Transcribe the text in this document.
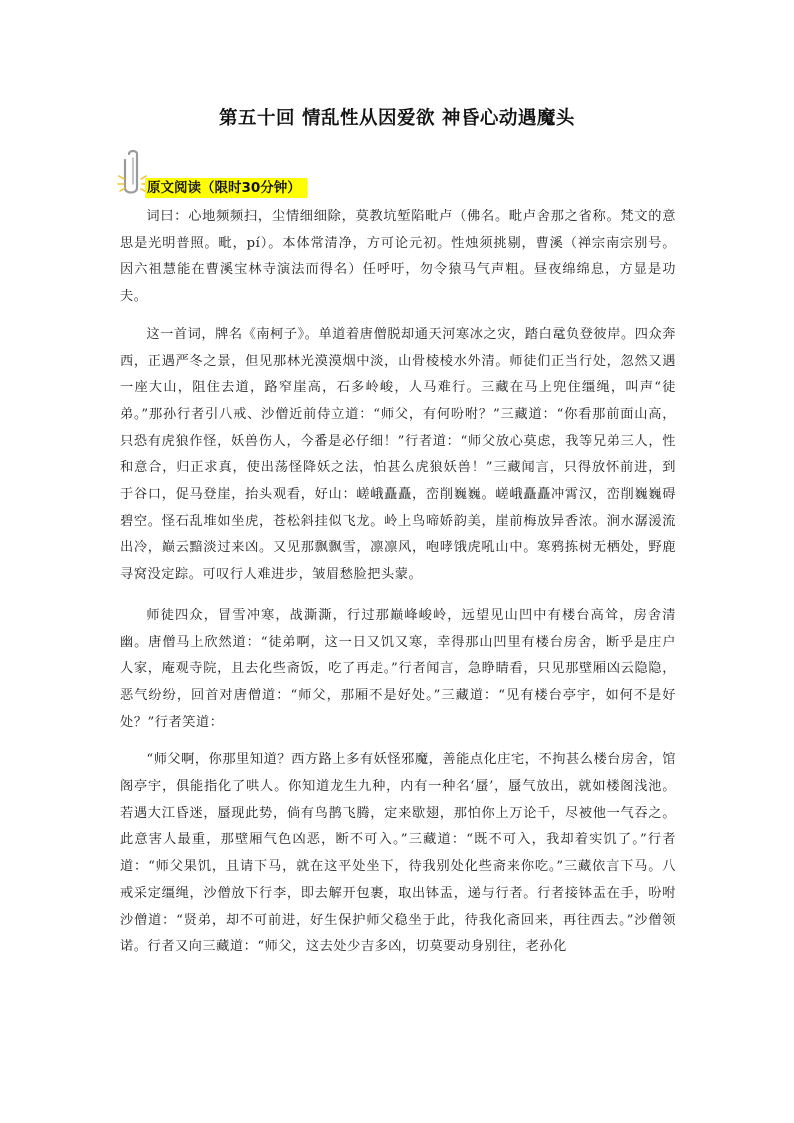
第五十回 情乱性从因爱欲 神昏心动遇魔头
原文阅读（限时30分钟）

词曰：心地频频扫，尘情细细除，莫教坑堑陷毗卢（佛名。毗卢舍那之省称。梵文的意思是光明普照。毗，pí）。本体常清净，方可论元初。性烛须挑剔，曹溪（禅宗南宗别号。因六祖慧能在曹溪宝林寺演法而得名）任呼吁，勿令猿马气声粗。昼夜绵绵息，方显是功夫。

这一首词，牌名《南柯子》。单道着唐僧脱却通天河寒冰之灾，踏白鼋负登彼岸。四众奔西，正遇严冬之景，但见那林光漠漠烟中淡，山骨棱棱水外清。师徒们正当行处，忽然又遇一座大山，阻住去道，路窄崖高，石多岭峻，人马难行。三藏在马上兜住缰绳，叫声“徒弟。”那孙行者引八戒、沙僧近前侍立道：“师父，有何吩咐？”三藏道：“你看那前面山高，只恐有虎狼作怪，妖兽伤人，今番是必仔细！”行者道：“师父放心莫虑，我等兄弟三人，性和意合，归正求真，使出荡怪降妖之法，怕甚么虎狼妖兽！”三藏闻言，只得放怀前进，到于谷口，促马登崖，抬头观看，好山：嵯峨矗矗，峦削巍巍。嵯峨矗矗冲霄汉，峦削巍巍碍碧空。怪石乱堆如坐虎，苍松斜挂似飞龙。岭上鸟啼娇韵美，崖前梅放异香浓。涧水潺湲流出冷，巅云黯淡过来凶。又见那飘飘雪，凛凛风，咆哮饿虎吼山中。寒鸦拣树无栖处，野鹿寻窝没定踪。可叹行人难进步，皱眉愁脸把头蒙。

师徒四众，冒雪冲寒，战澌澌，行过那巅峰峻岭，远望见山凹中有楼台高耸，房舍清幽。唐僧马上欣然道：“徒弟啊，这一日又饥又寒，幸得那山凹里有楼台房舍，断乎是庄户人家，庵观寺院，且去化些斋饭，吃了再走。”行者闻言，急睁睛看，只见那壁厢凶云隐隐，恶气纷纷，回首对唐僧道：“师父，那厢不是好处。”三藏道：“见有楼台亭宇，如何不是好处？”行者笑道：

“师父啊，你那里知道？西方路上多有妖怪邪魔，善能点化庄宅，不拘甚么楼台房舍，馆阁亭宇，俱能指化了哄人。你知道龙生九种，内有一种名‘蜃’，蜃气放出，就如楼阁浅池。若遇大江昏迷，蜃现此势，倘有鸟鹊飞腾，定来歇翅，那怕你上万论千，尽被他一气吞之。此意害人最重，那壁厢气色凶恶，断不可入。”三藏道：“既不可入，我却着实饥了。”行者道：“师父果饥，且请下马，就在这平处坐下，待我别处化些斋来你吃。”三藏依言下马。八戒采定缰绳，沙僧放下行李，即去解开包裹，取出钵盂，递与行者。行者接钵盂在手，吩咐沙僧道：“贤弟，却不可前进，好生保护师父稳坐于此，待我化斋回来，再往西去。”沙僧领诺。行者又向三藏道：“师父，这去处少吉多凶，切莫要动身别往，老孙化
